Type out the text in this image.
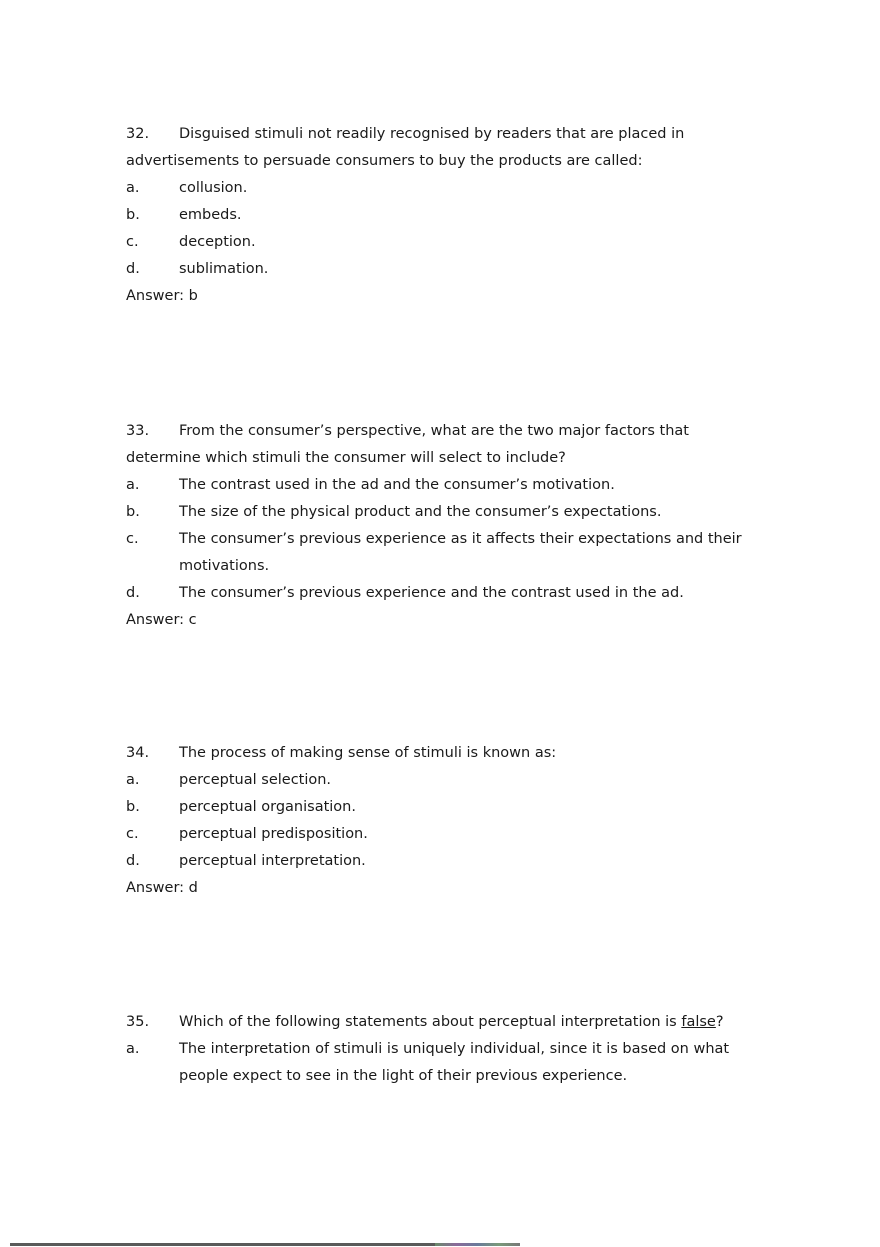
32. Disguised stimuli not readily recognised by readers that are placed in
advertisements to persuade consumers to buy the products are called:
a.	collusion.
b.	embeds.
c.	deception.
d.	sublimation.
Answer: b
33. From the consumer’s perspective, what are the two major factors that
determine which stimuli the consumer will select to include?
a.	The contrast used in the ad and the consumer’s motivation.
b.	The size of the physical product and the consumer’s expectations.
c.	The consumer’s previous experience as it affects their expectations and their
motivations.
d.	The consumer’s previous experience and the contrast used in the ad.
Answer: c
34. The process of making sense of stimuli is known as:
a.	perceptual selection.
b.	perceptual organisation.
c.	perceptual predisposition.
d.	perceptual interpretation.
Answer: d
35. Which of the following statements about perceptual interpretation is false?
a.	The interpretation of stimuli is uniquely individual, since it is based on what
people expect to see in the light of their previous experience.
